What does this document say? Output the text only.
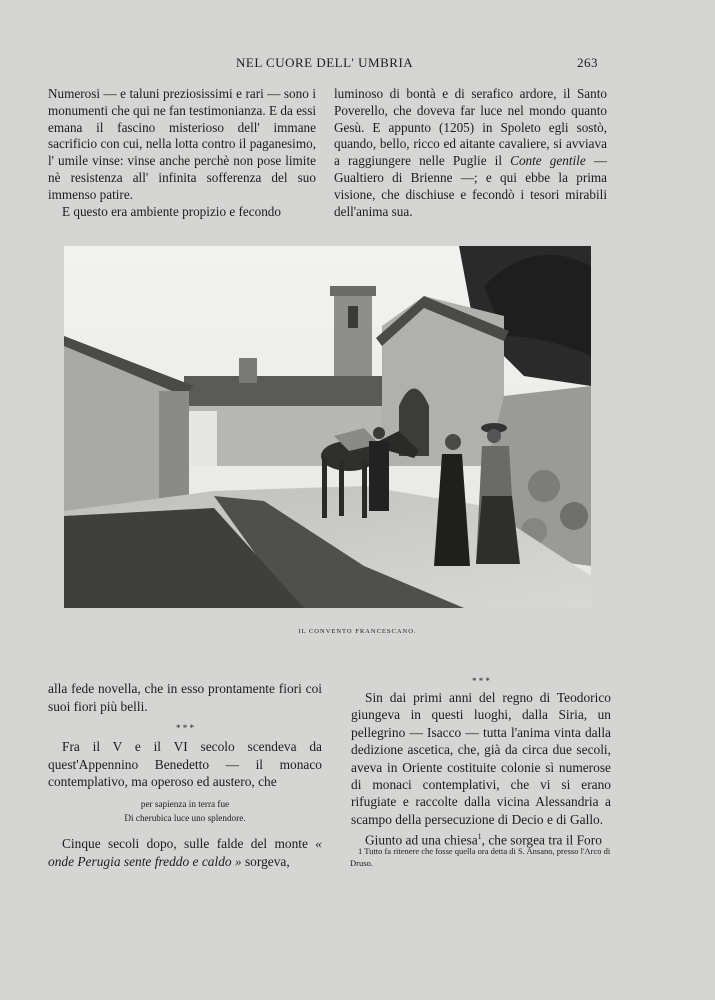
NEL CUORE DELL' UMBRIA	263

Numerosi — e taluni preziosissimi e rari — sono i monumenti che qui ne fan testimonianza. E da essi emana il fascino misterioso dell' immane sacrificio con cui, nella lotta contro il paganesimo, l' umile vinse: vinse anche perchè non pose limite nè resistenza all' infinita sofferenza del suo immenso patire.

E questo era ambiente propizio e fecondo

luminoso di bontà e di serafico ardore, il Santo Poverello, che doveva far luce nel mondo quanto Gesù. E appunto (1205) in Spoleto egli sostò, quando, bello, ricco ed aitante cavaliere, si avviava a raggiungere nelle Puglie il Conte gentile — Gualtiero di Brienne —; e qui ebbe la prima visione, che dischiuse e fecondò i tesori mirabili dell'anima sua.

IL CONVENTO FRANCESCANO.

alla fede novella, che in esso prontamente fiori coi suoi fiori più belli.

* * *

Fra il V e il VI secolo scendeva da quest'Appennino Benedetto — il monaco contemplativo, ma operoso ed austero, che

per sapienza in terra fue
Di cherubica luce uno splendore.

Cinque secoli dopo, sulle falde del monte « onde Perugia sente freddo e caldo » sorgeva,

* * *

Sin dai primi anni del regno di Teodorico giungeva in questi luoghi, dalla Siria, un pellegrino — Isacco — tutta l'anima vinta dalla dedizione ascetica, che, già da circa due secoli, aveva in Oriente costituite colonie sì numerose di monaci contemplativi, che vi si erano rifugiate e raccolte dalla vicina Alessandria a scampo della persecuzione di Decio e di Gallo.

Giunto ad una chiesa$^1$, che sorgea tra il Foro

1 Tutto fa ritenere che fosse quella ora detta di S. Ansano, presso l'Arco di Druso.
